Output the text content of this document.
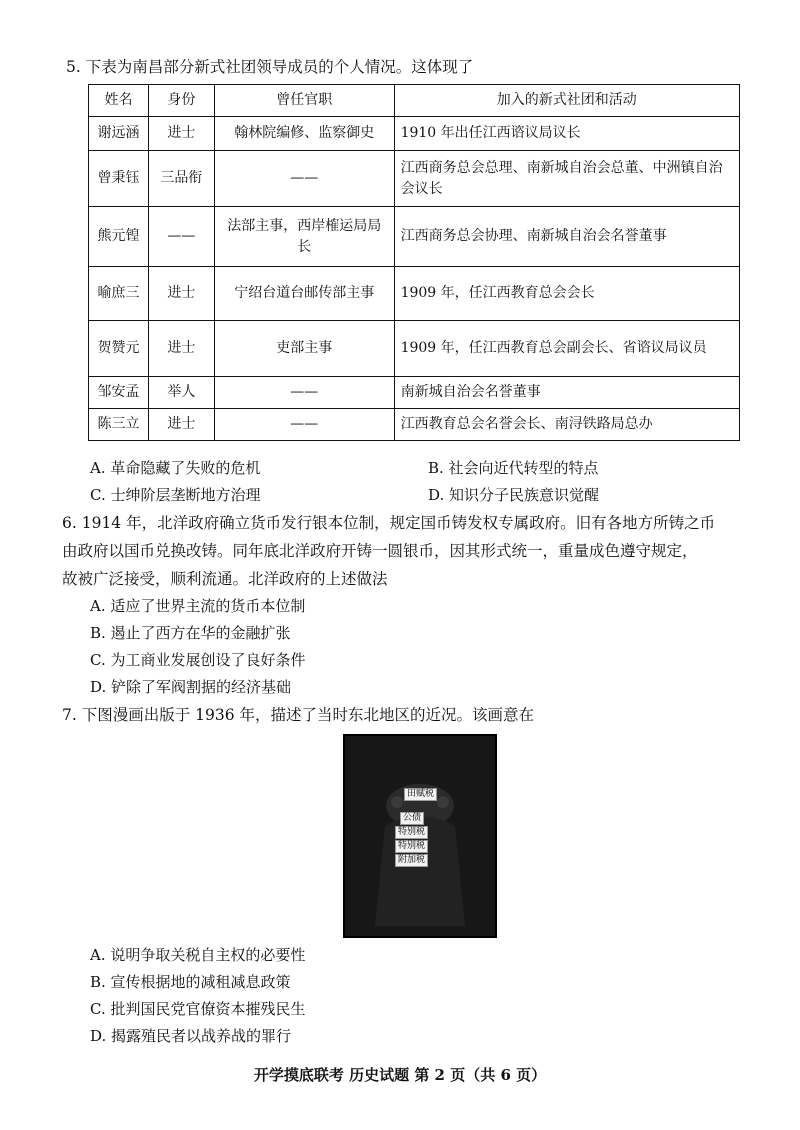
5. 下表为南昌部分新式社团领导成员的个人情况。这体现了
姓名	身份	曾任官职	加入的新式社团和活动
谢远涵	进士	翰林院编修、监察御史	1910 年出任江西谘议局议长
曾秉钰	三品衔	——	江西商务总会总理、南新城自治会总董、中洲镇自治会议长
熊元锽	——	法部主事，西岸榷运局局长	江西商务总会协理、南新城自治会名誉董事
喻庶三	进士	宁绍台道台邮传部主事	1909 年，任江西教育总会会长
贺赞元	进士	吏部主事	1909 年，任江西教育总会副会长、省谘议局议员
邹安孟	举人	——	南新城自治会名誉董事
陈三立	进士	——	江西教育总会名誉会长、南浔铁路局总办
A. 革命隐藏了失败的危机	B. 社会向近代转型的特点
C. 士绅阶层垄断地方治理	D. 知识分子民族意识觉醒
6. 1914 年，北洋政府确立货币发行银本位制，规定国币铸发权专属政府。旧有各地方所铸之币
由政府以国币兑换改铸。同年底北洋政府开铸一圆银币，因其形式统一，重量成色遵守规定，
故被广泛接受，顺利流通。北洋政府的上述做法
A. 适应了世界主流的货币本位制
B. 遏止了西方在华的金融扩张
C. 为工商业发展创设了良好条件
D. 铲除了军阀割据的经济基础
7. 下图漫画出版于 1936 年，描述了当时东北地区的近况。该画意在
田赋税
公债
特别税
特别税
附加税
A. 说明争取关税自主权的必要性
B. 宣传根据地的减租减息政策
C. 批判国民党官僚资本摧残民生
D. 揭露殖民者以战养战的罪行
开学摸底联考 历史试题 第 2 页（共 6 页）
